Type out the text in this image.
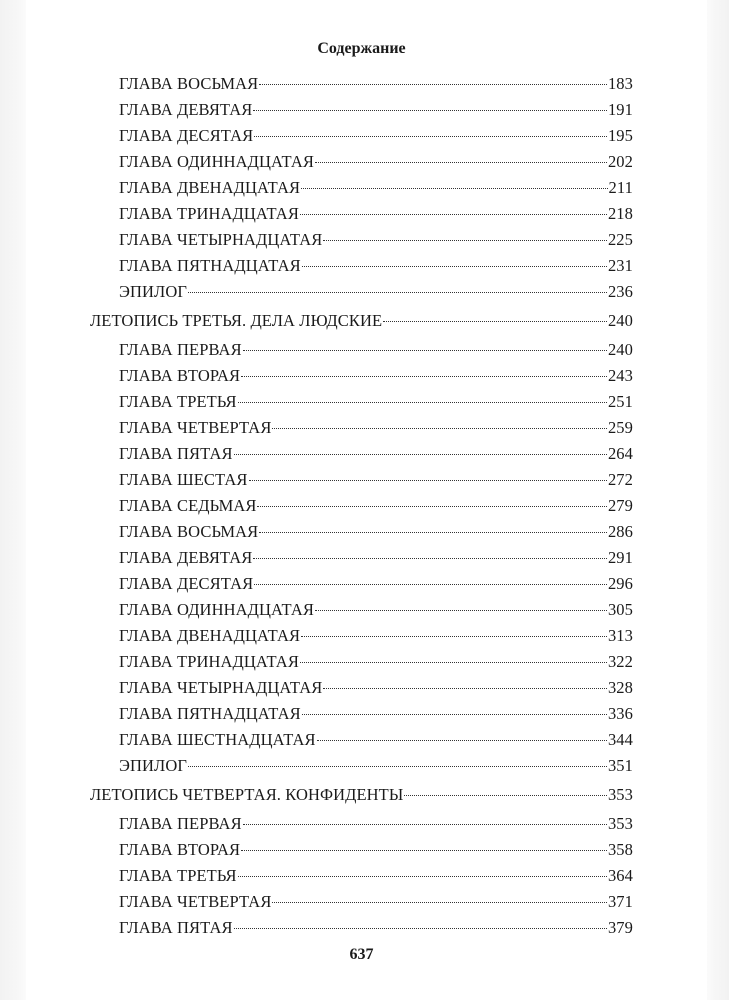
Содержание
ГЛАВА ВОСЬМАЯ	183
ГЛАВА ДЕВЯТАЯ	191
ГЛАВА ДЕСЯТАЯ	195
ГЛАВА ОДИННАДЦАТАЯ	202
ГЛАВА ДВЕНАДЦАТАЯ	211
ГЛАВА ТРИНАДЦАТАЯ	218
ГЛАВА ЧЕТЫРНАДЦАТАЯ	225
ГЛАВА ПЯТНАДЦАТАЯ	231
ЭПИЛОГ	236
ЛЕТОПИСЬ ТРЕТЬЯ. ДЕЛА ЛЮДСКИЕ	240
ГЛАВА ПЕРВАЯ	240
ГЛАВА ВТОРАЯ	243
ГЛАВА ТРЕТЬЯ	251
ГЛАВА ЧЕТВЕРТАЯ	259
ГЛАВА ПЯТАЯ	264
ГЛАВА ШЕСТАЯ	272
ГЛАВА СЕДЬМАЯ	279
ГЛАВА ВОСЬМАЯ	286
ГЛАВА ДЕВЯТАЯ	291
ГЛАВА ДЕСЯТАЯ	296
ГЛАВА ОДИННАДЦАТАЯ	305
ГЛАВА ДВЕНАДЦАТАЯ	313
ГЛАВА ТРИНАДЦАТАЯ	322
ГЛАВА ЧЕТЫРНАДЦАТАЯ	328
ГЛАВА ПЯТНАДЦАТАЯ	336
ГЛАВА ШЕСТНАДЦАТАЯ	344
ЭПИЛОГ	351
ЛЕТОПИСЬ ЧЕТВЕРТАЯ. КОНФИДЕНТЫ	353
ГЛАВА ПЕРВАЯ	353
ГЛАВА ВТОРАЯ	358
ГЛАВА ТРЕТЬЯ	364
ГЛАВА ЧЕТВЕРТАЯ	371
ГЛАВА ПЯТАЯ	379
637
